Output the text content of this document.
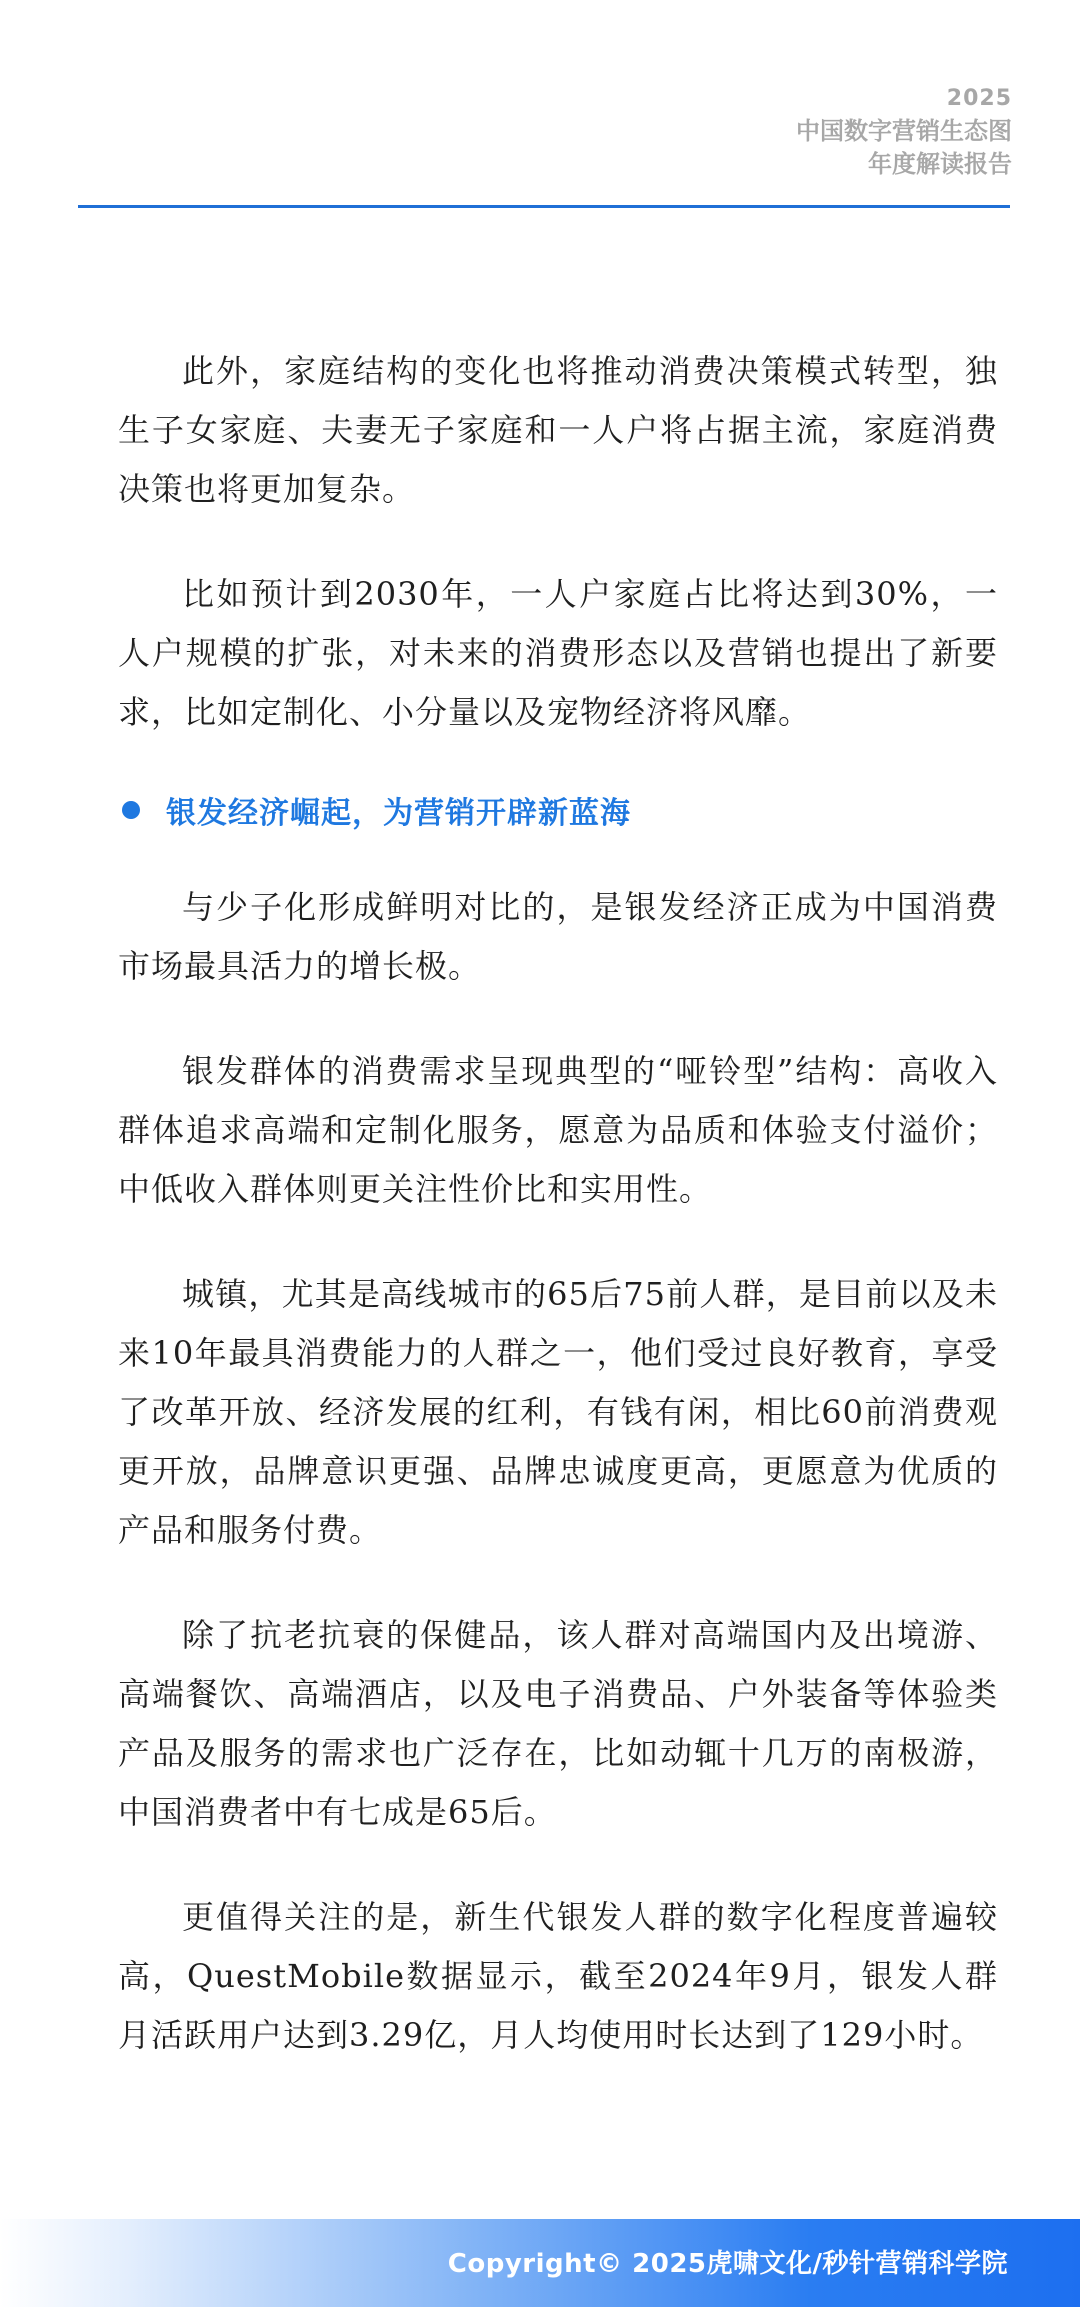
2025
中国数字营销生态图
年度解读报告

此外，家庭结构的变化也将推动消费决策模式转型，独生子女家庭、夫妻无子家庭和一人户将占据主流，家庭消费决策也将更加复杂。

比如预计到2030年，一人户家庭占比将达到30%，一人户规模的扩张，对未来的消费形态以及营销也提出了新要求，比如定制化、小分量以及宠物经济将风靡。

银发经济崛起，为营销开辟新蓝海

与少子化形成鲜明对比的，是银发经济正成为中国消费市场最具活力的增长极。

银发群体的消费需求呈现典型的“哑铃型”结构：高收入群体追求高端和定制化服务，愿意为品质和体验支付溢价；中低收入群体则更关注性价比和实用性。

城镇，尤其是高线城市的65后75前人群，是目前以及未来10年最具消费能力的人群之一，他们受过良好教育，享受了改革开放、经济发展的红利，有钱有闲，相比60前消费观更开放，品牌意识更强、品牌忠诚度更高，更愿意为优质的产品和服务付费。

除了抗老抗衰的保健品，该人群对高端国内及出境游、高端餐饮、高端酒店，以及电子消费品、户外装备等体验类产品及服务的需求也广泛存在，比如动辄十几万的南极游，中国消费者中有七成是65后。

更值得关注的是，新生代银发人群的数字化程度普遍较高，QuestMobile数据显示，截至2024年9月，银发人群月活跃用户达到3.29亿，月人均使用时长达到了129小时。

Copyright© 2025虎啸文化/秒针营销科学院
